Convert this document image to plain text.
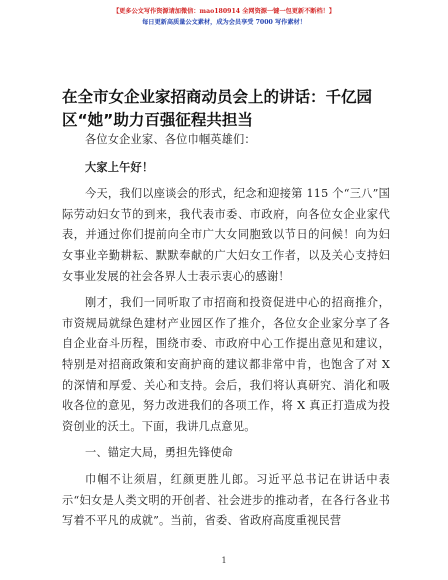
【更多公文写作资源请加微信：mao180914 全网资源一键一包更新不断档！】
每日更新高质量公文素材，成为会员享受 7000 写作素材！
在全市女企业家招商动员会上的讲话：千亿园区“她”助力百强征程共担当

各位女企业家、各位巾帼英雄们：

大家上午好！

今天，我们以座谈会的形式，纪念和迎接第 115 个“三八”国际劳动妇女节的到来，我代表市委、市政府，向各位女企业家代表，并通过你们提前向全市广大女同胞致以节日的问候！向为妇女事业辛勤耕耘、默默奉献的广大妇女工作者，以及关心支持妇女事业发展的社会各界人士表示衷心的感谢！

刚才，我们一同听取了市招商和投资促进中心的招商推介，市资规局就绿色建材产业园区作了推介，各位女企业家分享了各自企业奋斗历程，围绕市委、市政府中心工作提出意见和建议，特别是对招商政策和安商护商的建议都非常中肯，也饱含了对 X 的深情和厚爱、关心和支持。会后，我们将认真研究、消化和吸收各位的意见，努力改进我们的各项工作，将 X 真正打造成为投资创业的沃土。下面，我讲几点意见。

一、锚定大局，勇担先锋使命

巾帼不让须眉，红颜更胜儿郎。习近平总书记在讲话中表示“妇女是人类文明的开创者、社会进步的推动者，在各行各业书写着不平凡的成就”。当前，省委、省政府高度重视民营

1
